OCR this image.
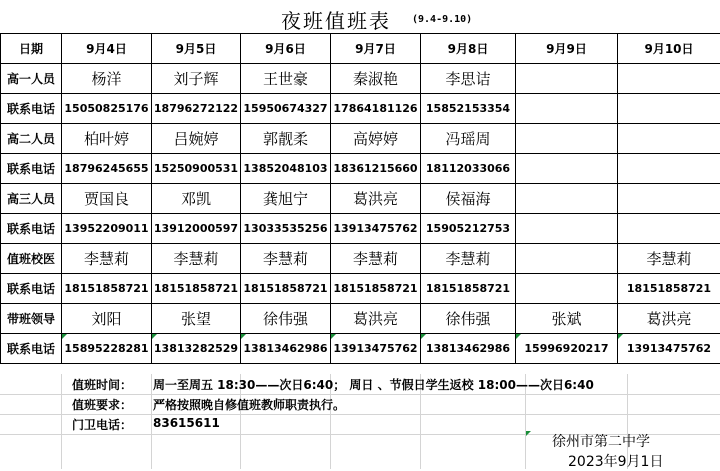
夜班值班表 (9.4-9.10)
日期	9月4日	9月5日	9月6日	9月7日	9月8日	9月9日	9月10日
高一人员	杨洋	刘子辉	王世豪	秦淑艳	李思诘		
联系电话	15050825176	18796272122	15950674327	17864181126	15852153354		
高二人员	柏叶婷	吕婉婷	郭靓柔	高婷婷	冯瑶周		
联系电话	18796245655	15250900531	13852048103	18361215660	18112033066		
高三人员	贾国良	邓凯	龚旭宁	葛洪亮	侯福海		
联系电话	13952209011	13912000597	13033535256	13913475762	15905212753		
值班校医	李慧莉	李慧莉	李慧莉	李慧莉	李慧莉		李慧莉
联系电话	18151858721	18151858721	18151858721	18151858721	18151858721		18151858721
带班领导	刘阳	张望	徐伟强	葛洪亮	徐伟强	张斌	葛洪亮
联系电话	15895228281	13813282529	13813462986	13913475762	13813462986	15996920217	13913475762
值班时间： 周一至周五 18:30——次日6:40； 周日 、节假日学生返校 18:00——次日6:40
值班要求： 严格按照晚自修值班教师职责执行。
门卫电话： 83615611
徐州市第二中学
2023年9月1日
